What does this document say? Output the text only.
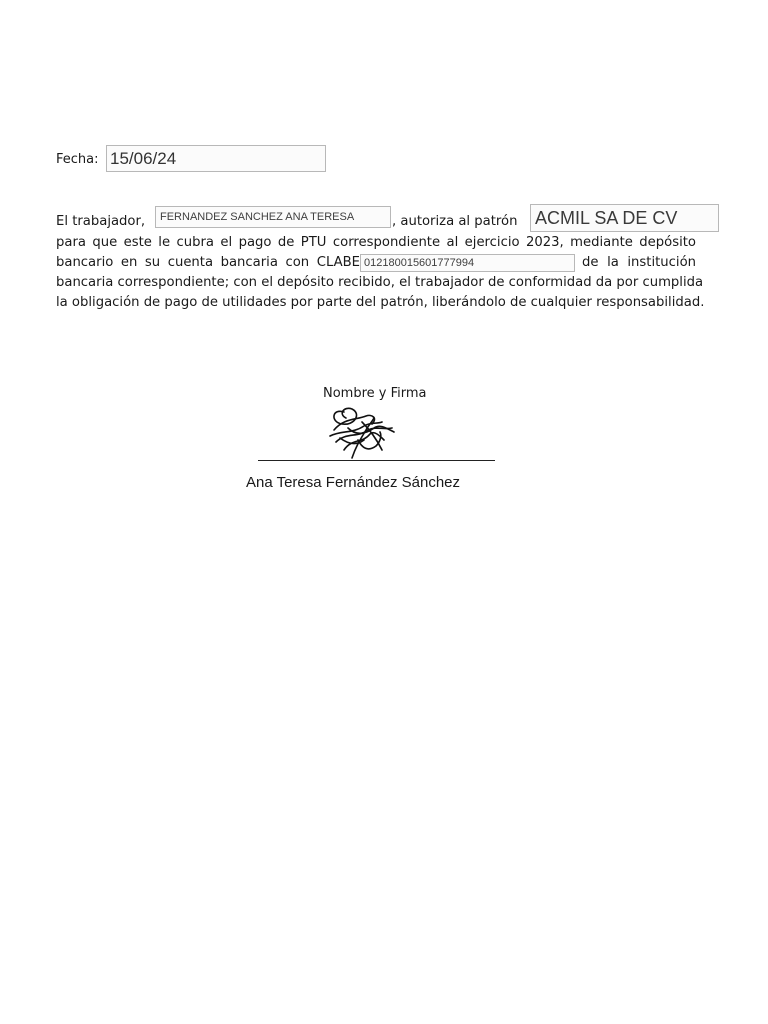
Fecha: 15/06/24
El trabajador,	FERNANDEZ SANCHEZ ANA TERESA	, autoriza al patrón ACMIL SA DE CV
para que este le cubra el pago de PTU correspondiente al ejercicio 2023, mediante depósito
bancario en su cuenta bancaria con CLABE 012180015601777994	de la institución
bancaria correspondiente; con el depósito recibido, el trabajador de conformidad da por cumplida
la obligación de pago de utilidades por parte del patrón, liberándolo de cualquier responsabilidad.
Nombre y Firma
Ana Teresa Fernández Sánchez
